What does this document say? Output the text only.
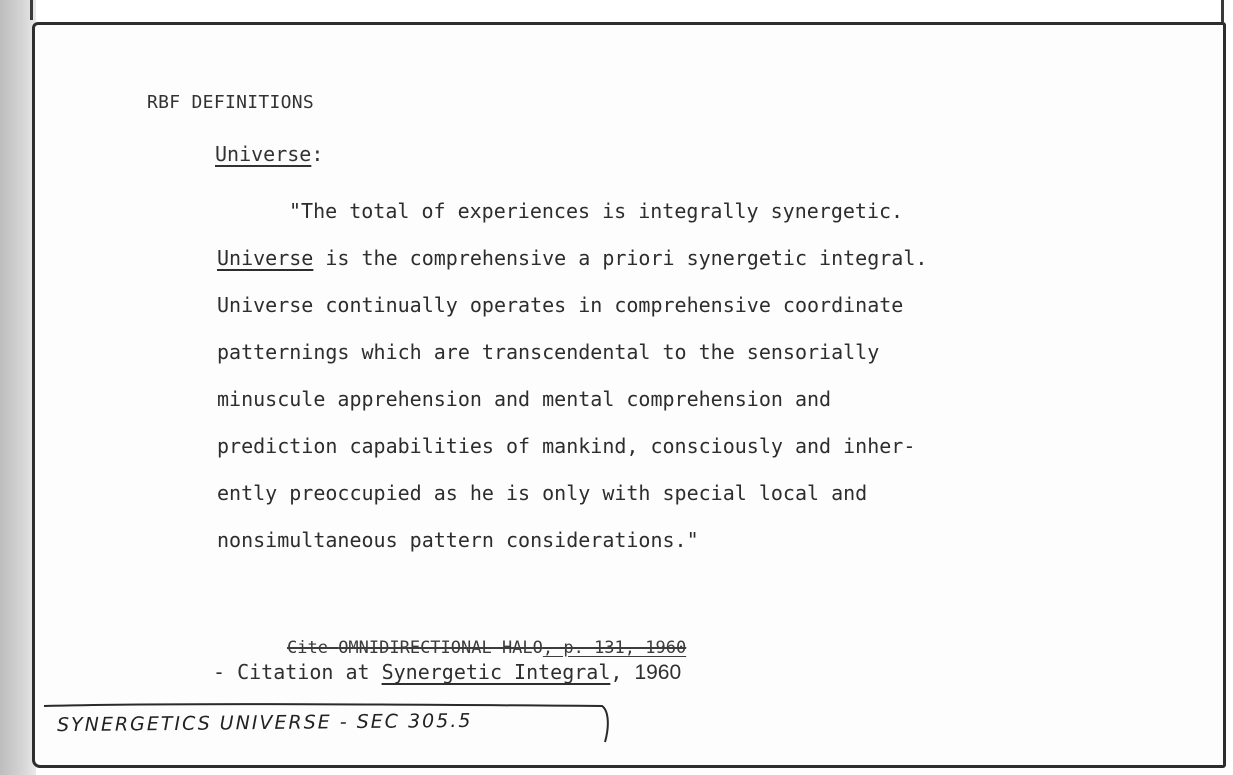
RBF DEFINITIONS
Universe:
"The total of experiences is integrally synergetic.
Universe is the comprehensive a priori synergetic integral.
Universe continually operates in comprehensive coordinate
patternings which are transcendental to the sensorially
minuscule apprehension and mental comprehension and
prediction capabilities of mankind, consciously and inher-
ently preoccupied as he is only with special local and
nonsimultaneous pattern considerations."
Cite OMNIDIRECTIONAL HALO, p. 131, 1960
- Citation at Synergetic Integral, 1960
SYNERGETICS UNIVERSE - SEC 305.5
